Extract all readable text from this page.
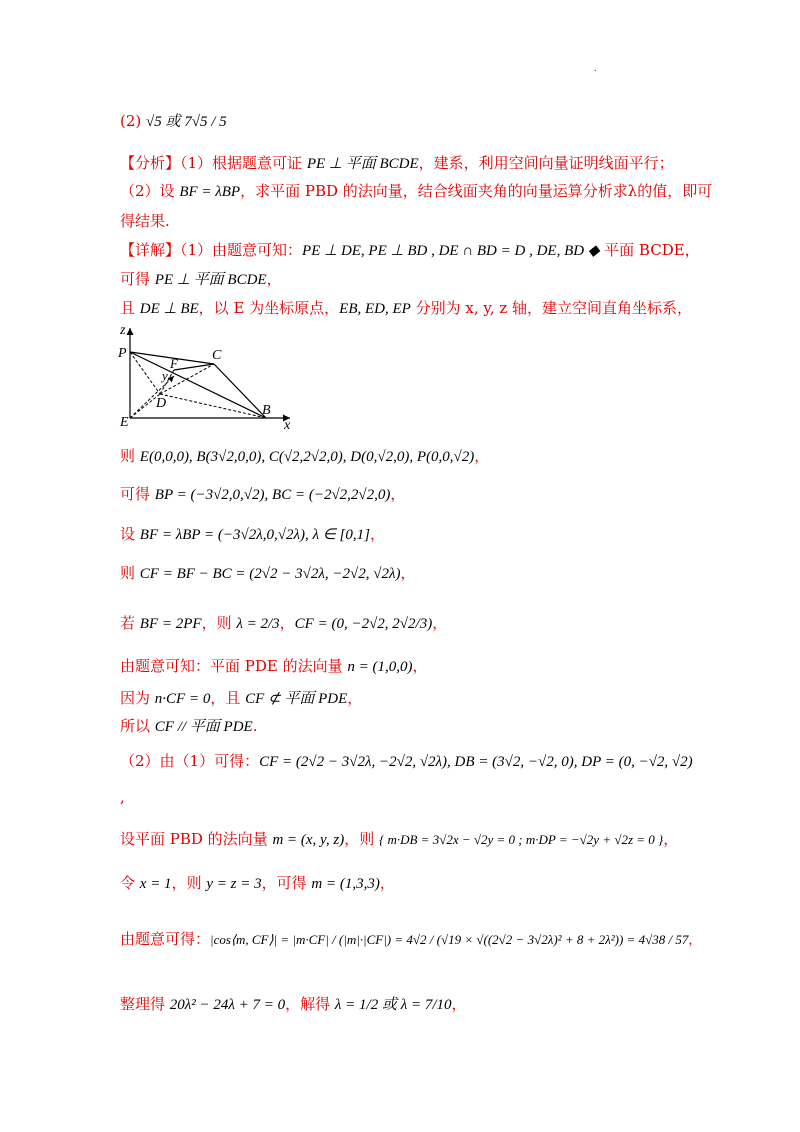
.
(2) √5 或 7√5 / 5
【分析】（1）根据题意可证 PE ⊥ 平面 BCDE，建系，利用空间向量证明线面平行；
（2）设 BF = λBP，求平面 PBD 的法向量，结合线面夹角的向量运算分析求λ的值，即可
得结果.
【详解】（1）由题意可知：PE ⊥ DE, PE ⊥ BD , DE ∩ BD = D , DE, BD ◆ 平面 BCDE，
可得 PE ⊥ 平面 BCDE，
且 DE ⊥ BE，以 E 为坐标原点，EB, ED, EP 分别为 x, y, z 轴，建立空间直角坐标系，
z
P
F
C
y
D
E
B
x
则 E(0,0,0), B(3√2,0,0), C(√2,2√2,0), D(0,√2,0), P(0,0,√2)，
可得 BP = (−3√2,0,√2), BC = (−2√2,2√2,0)，
设 BF = λBP = (−3√2λ,0,√2λ), λ ∈ [0,1]，
则 CF = BF − BC = (2√2 − 3√2λ, −2√2, √2λ)，
若 BF = 2PF，则 λ = 2/3，CF = (0, −2√2, 2√2/3)，
由题意可知：平面 PDE 的法向量 n = (1,0,0)，
因为 n·CF = 0，且 CF ⊄ 平面 PDE，
所以 CF // 平面 PDE.
（2）由（1）可得：CF = (2√2 − 3√2λ, −2√2, √2λ), DB = (3√2, −√2, 0), DP = (0, −√2, √2)
,
设平面 PBD 的法向量 m = (x, y, z)，则 { m·DB = 3√2x − √2y = 0 ; m·DP = −√2y + √2z = 0 }，
令 x = 1，则 y = z = 3，可得 m = (1,3,3)，
由题意可得：|cos⟨m, CF⟩| = |m·CF| / (|m|·|CF|) = 4√2 / (√19 × √((2√2 − 3√2λ)² + 8 + 2λ²)) = 4√38 / 57，
整理得 20λ² − 24λ + 7 = 0，解得 λ = 1/2 或 λ = 7/10，
